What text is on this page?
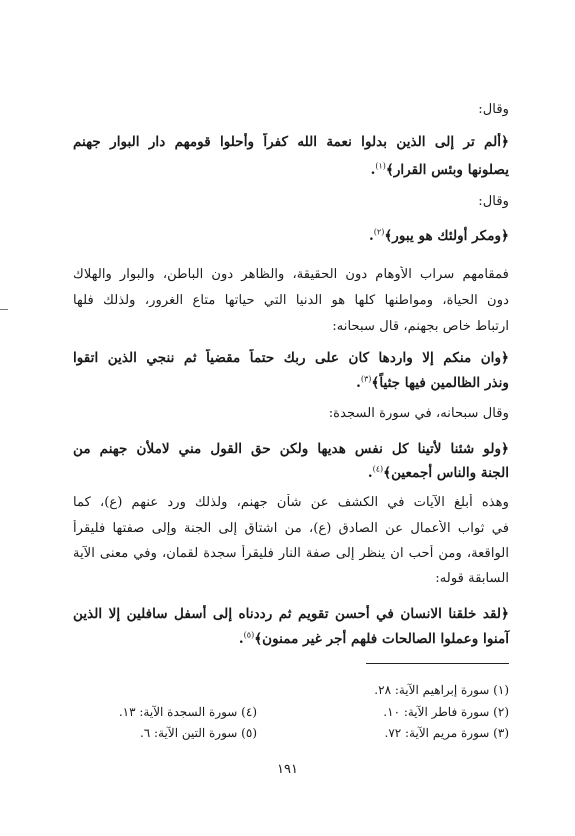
وقال:
﴿ألم تر إلى الذين بدلوا نعمة الله كفراً وأحلوا قومهم دار البوار جهنم
يصلونها وبئس القرار﴾$^{(١)}$.
وقال:
﴿ومكر أولئك هو يبور﴾$^{(٢)}$.
فمقامهم سراب الأوهام دون الحقيقة، والظاهر دون الباطن، والبوار والهلاك
دون الحياة، ومواطنها كلها هو الدنيا التي حياتها متاع الغرور، ولذلك فلها
ارتباط خاص بجهنم، قال سبحانه:
﴿وان منكم إلا واردها كان على ربك حتماً مقضياً ثم ننجي الذين اتقوا
ونذر الظالمين فيها جثياً﴾$^{(٣)}$.
وقال سبحانه، في سورة السجدة:
﴿ولو شئنا لأتينا كل نفس هديها ولكن حق القول مني لاملأن جهنم من
الجنة والناس أجمعين﴾$^{(٤)}$.
وهذه أبلغ الآيات في الكشف عن شأن جهنم، ولذلك ورد عنهم (ع)، كما
في ثواب الأعمال عن الصادق (ع)، من اشتاق إلى الجنة وإلى صفتها فليقرأ
الواقعة، ومن أحب ان ينظر إلى صفة النار فليقرأ سجدة لقمان، وفي معنى الآية
السابقة قوله:
﴿لقد خلقنا الانسان في أحسن تقويم ثم رددناه إلى أسفل سافلين إلا الذين
آمنوا وعملوا الصالحات فلهم أجر غير ممنون﴾$^{(٥)}$.
(١) سورة إبراهيم الآية: ٢٨.
(٢) سورة فاطر الآية: ١٠.
(٣) سورة مريم الآية: ٧٢.
(٤) سورة السجدة الآية: ١٣.
(٥) سورة التين الآية: ٦.
١٩١
